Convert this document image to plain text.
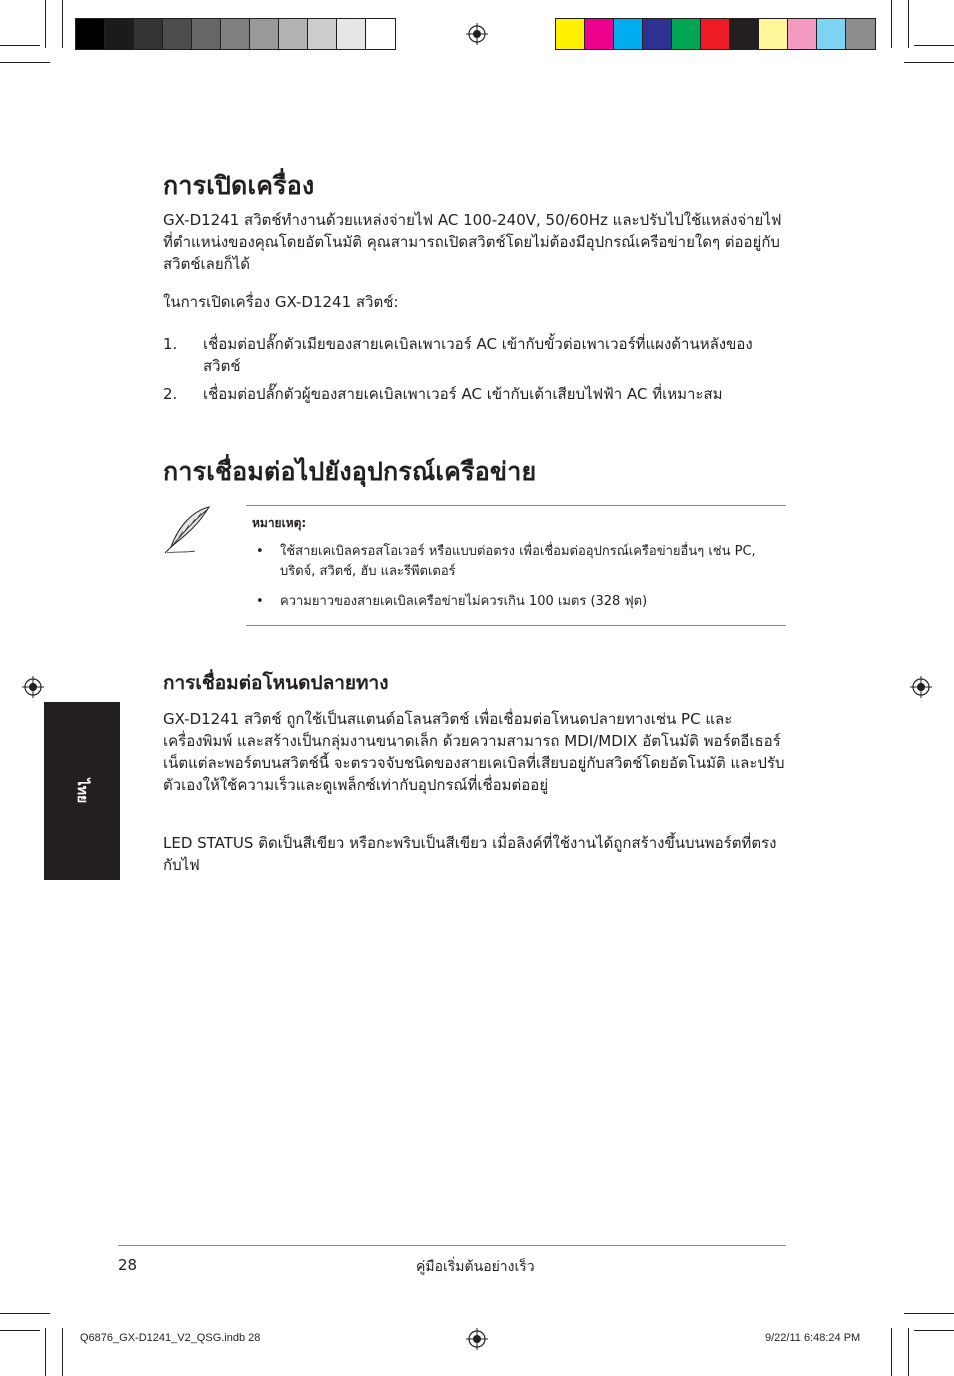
ไทย
การเปิดเครื่อง

GX-D1241 สวิตช์ทำงานด้วยแหล่งจ่ายไฟ AC 100-240V, 50/60Hz และปรับไปใช้แหล่งจ่ายไฟที่ตำแหน่งของคุณโดยอัตโนมัติ คุณสามารถเปิดสวิตช์โดยไม่ต้องมีอุปกรณ์เครือข่ายใดๆ ต่ออยู่กับสวิตช์เลยก็ได้

ในการเปิดเครื่อง GX-D1241 สวิตช์:

1. เชื่อมต่อปลั๊กตัวเมียของสายเคเบิลเพาเวอร์ AC เข้ากับขั้วต่อเพาเวอร์ที่แผงด้านหลังของสวิตช์
2. เชื่อมต่อปลั๊กตัวผู้ของสายเคเบิลเพาเวอร์ AC เข้ากับเต้าเสียบไฟฟ้า AC ที่เหมาะสม
การเชื่อมต่อไปยังอุปกรณ์เครือข่าย
หมายเหตุ:
• ใช้สายเคเบิลครอสโอเวอร์ หรือแบบต่อตรง เพื่อเชื่อมต่ออุปกรณ์เครือข่ายอื่นๆ เช่น PC, บริดจ์, สวิตช์, ฮับ และรีพีตเตอร์
• ความยาวของสายเคเบิลเครือข่ายไม่ควรเกิน 100 เมตร (328 ฟุต)
การเชื่อมต่อโหนดปลายทาง

GX-D1241 สวิตช์ ถูกใช้เป็นสแตนด์อโลนสวิตช์ เพื่อเชื่อมต่อโหนดปลายทางเช่น PC และเครื่องพิมพ์ และสร้างเป็นกลุ่มงานขนาดเล็ก ด้วยความสามารถ MDI/MDIX อัตโนมัติ พอร์ตอีเธอร์เน็ตแต่ละพอร์ตบนสวิตช์นี้ จะตรวจจับชนิดของสายเคเบิลที่เสียบอยู่กับสวิตช์โดยอัตโนมัติ และปรับตัวเองให้ใช้ความเร็วและดูเพล็กซ์เท่ากับอุปกรณ์ที่เชื่อมต่ออยู่

LED STATUS ติดเป็นสีเขียว หรือกะพริบเป็นสีเขียว เมื่อลิงค์ที่ใช้งานได้ถูกสร้างขึ้นบนพอร์ตที่ตรงกับไฟ

28	คู่มือเริ่มต้นอย่างเร็ว
Q6876_GX-D1241_V2_QSG.indb 28	9/22/11 6:48:24 PM
